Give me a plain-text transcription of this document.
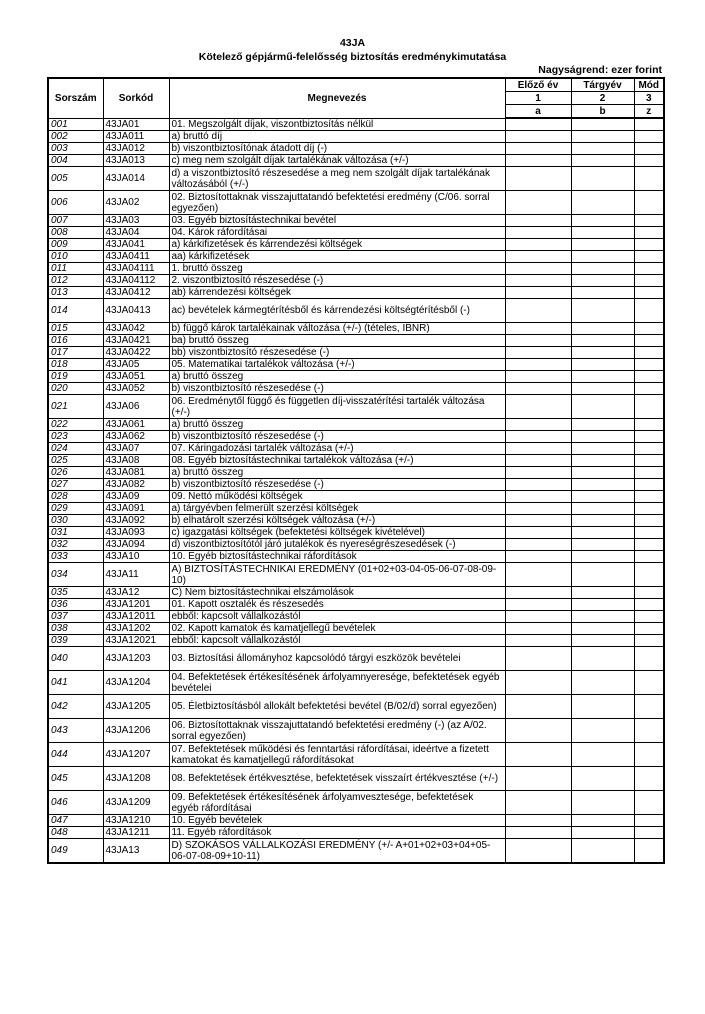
43JA
Kötelező gépjármű-felelősség biztosítás eredménykimutatása
Nagyságrend: ezer forint
Sorszám	Sorkód	Megnevezés	Előző év	Tárgyév	Mód
			1	2	3
			a	b	z
001	43JA01	01. Megszolgált díjak, viszontbiztosítás nélkül			
002	43JA011	a) bruttó díj			
003	43JA012	b) viszontbiztosítónak átadott díj (-)			
004	43JA013	c) meg nem szolgált díjak tartalékának változása (+/-)			
005	43JA014	d) a viszontbiztosító részesedése a meg nem szolgált díjak tartalékának változásából (+/-)			
006	43JA02	02. Biztosítottaknak visszajuttatandó befektetési eredmény (C/06. sorral egyezően)			
007	43JA03	03. Egyéb biztosítástechnikai bevétel			
008	43JA04	04. Károk ráfordításai			
009	43JA041	a) kárkifizetések és kárrendezési költségek			
010	43JA0411	aa) kárkifizetések			
011	43JA04111	1. bruttó összeg			
012	43JA04112	2. viszontbiztosító részesedése (-)			
013	43JA0412	ab) kárrendezési költségek			
014	43JA0413	ac) bevételek kármegtérítésből és kárrendezési költségtérítésből (-)			
015	43JA042	b) függő károk tartalékainak változása (+/-) (tételes, IBNR)			
016	43JA0421	ba) bruttó összeg			
017	43JA0422	bb) viszontbiztosító részesedése (-)			
018	43JA05	05. Matematikai tartalékok változása (+/-)			
019	43JA051	a) bruttó összeg			
020	43JA052	b) viszontbiztosító részesedése (-)			
021	43JA06	06. Eredménytől függő és független díj-visszatérítési tartalék változása (+/-)			
022	43JA061	a) bruttó összeg			
023	43JA062	b) viszontbiztosító részesedése (-)			
024	43JA07	07. Káringadozási tartalék változása (+/-)			
025	43JA08	08. Egyéb biztosítástechnikai tartalékok változása (+/-)			
026	43JA081	a) bruttó összeg			
027	43JA082	b) viszontbiztosító részesedése (-)			
028	43JA09	09. Nettó működési költségek			
029	43JA091	a) tárgyévben felmerült szerzési költségek			
030	43JA092	b) elhatárolt szerzési költségek változása (+/-)			
031	43JA093	c) igazgatási költségek (befektetési költségek kivételével)			
032	43JA094	d) viszontbiztosítótól járó jutalékok és nyereségrészesedések (-)			
033	43JA10	10. Egyéb biztosítástechnikai ráfordítások			
034	43JA11	A) BIZTOSÍTÁSTECHNIKAI EREDMÉNY (01+02+03-04-05-06-07-08-09-10)			
035	43JA12	C) Nem biztosítástechnikai elszámolások			
036	43JA1201	01. Kapott osztalék és részesedés			
037	43JA12011	ebből: kapcsolt vállalkozástól			
038	43JA1202	02. Kapott kamatok és kamatjellegű bevételek			
039	43JA12021	ebből: kapcsolt vállalkozástól			
040	43JA1203	03. Biztosítási állományhoz kapcsolódó tárgyi eszközök bevételei			
041	43JA1204	04. Befektetések értékesítésének árfolyamnyeresége, befektetések egyéb bevételei			
042	43JA1205	05. Életbiztosításból allokált befektetési bevétel (B/02/d) sorral egyezően)			
043	43JA1206	06. Biztosítottaknak visszajuttatandó befektetési eredmény (-) (az A/02. sorral egyezően)			
044	43JA1207	07. Befektetések működési és fenntartási ráfordításai, ideértve a fizetett kamatokat és kamatjellegű ráfordításokat			
045	43JA1208	08. Befektetések értékvesztése, befektetések visszaírt értékvesztése (+/-)			
046	43JA1209	09. Befektetések értékesítésének árfolyamvesztesége, befektetések egyéb ráfordításai			
047	43JA1210	10. Egyéb bevételek			
048	43JA1211	11. Egyéb ráfordítások			
049	43JA13	D) SZOKÁSOS VÁLLALKOZÁSI EREDMÉNY (+/- A+01+02+03+04+05-06-07-08-09+10-11)			
